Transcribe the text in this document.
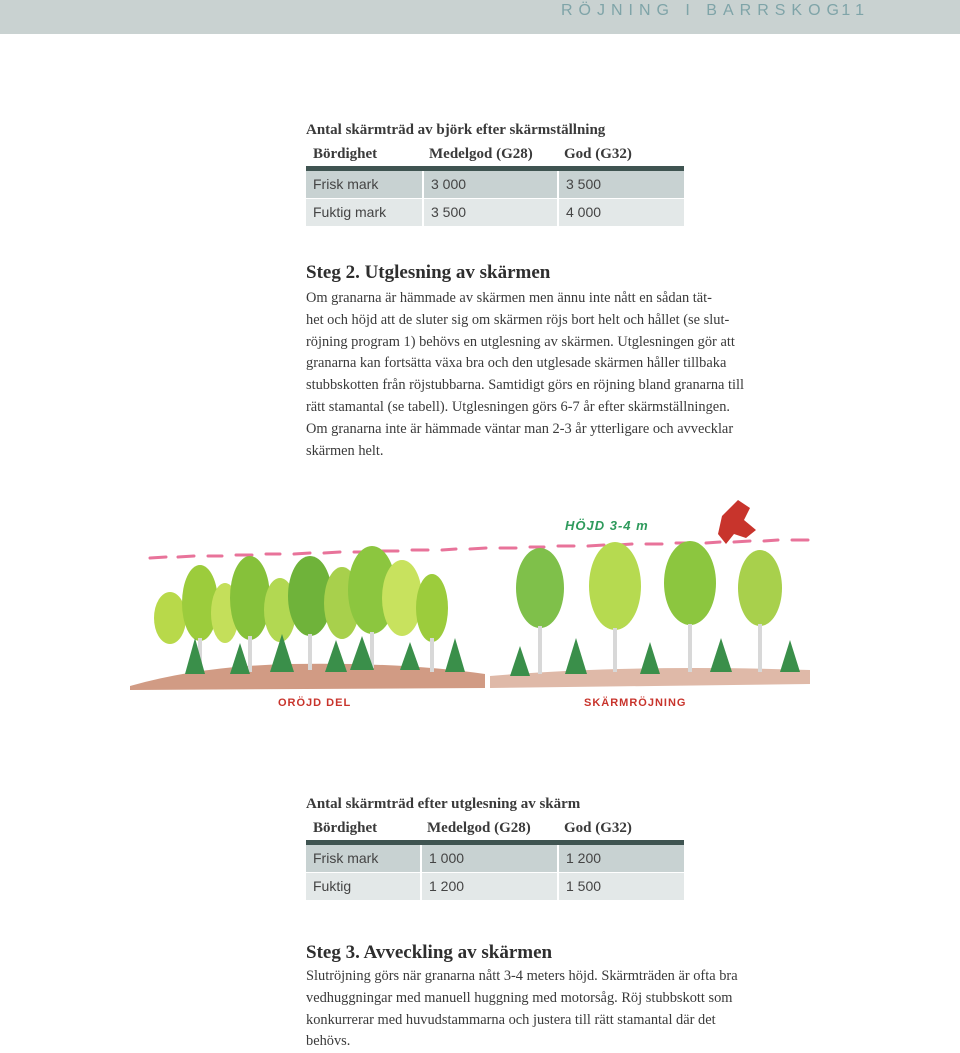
RÖJNING I BARRSKOG
11
Antal skärmträd av björk efter skärmställning
Bördighet	Medelgod (G28)	God (G32)
Frisk mark	3 000	3 500
Fuktig mark	3 500	4 000
Steg 2. Utglesning av skärmen
Om granarna är hämmade av skärmen men ännu inte nått en sådan tät-
het och höjd att de sluter sig om skärmen röjs bort helt och hållet (se slut-
röjning program 1) behövs en utglesning av skärmen. Utglesningen gör att
granarna kan fortsätta växa bra och den utglesade skärmen håller tillbaka
stubbskotten från röjstubbarna. Samtidigt görs en röjning bland granarna till
rätt stamantal (se tabell). Utglesningen görs 6-7 år efter skärmställningen.
Om granarna inte är hämmade väntar man 2-3 år ytterligare och avvecklar
skärmen helt.
HÖJD 3-4 m
ORÖJD DEL	SKÄRMRÖJNING
Antal skärmträd efter utglesning av skärm
Bördighet	Medelgod (G28)	God (G32)
Frisk mark	1 000	1 200
Fuktig	1 200	1 500
Steg 3. Avveckling av skärmen
Slutröjning görs när granarna nått 3-4 meters höjd. Skärmträden är ofta bra
vedhuggningar med manuell huggning med motorsåg. Röj stubbskott som
konkurrerar med huvudstammarna och justera till rätt stamantal där det
behövs.
